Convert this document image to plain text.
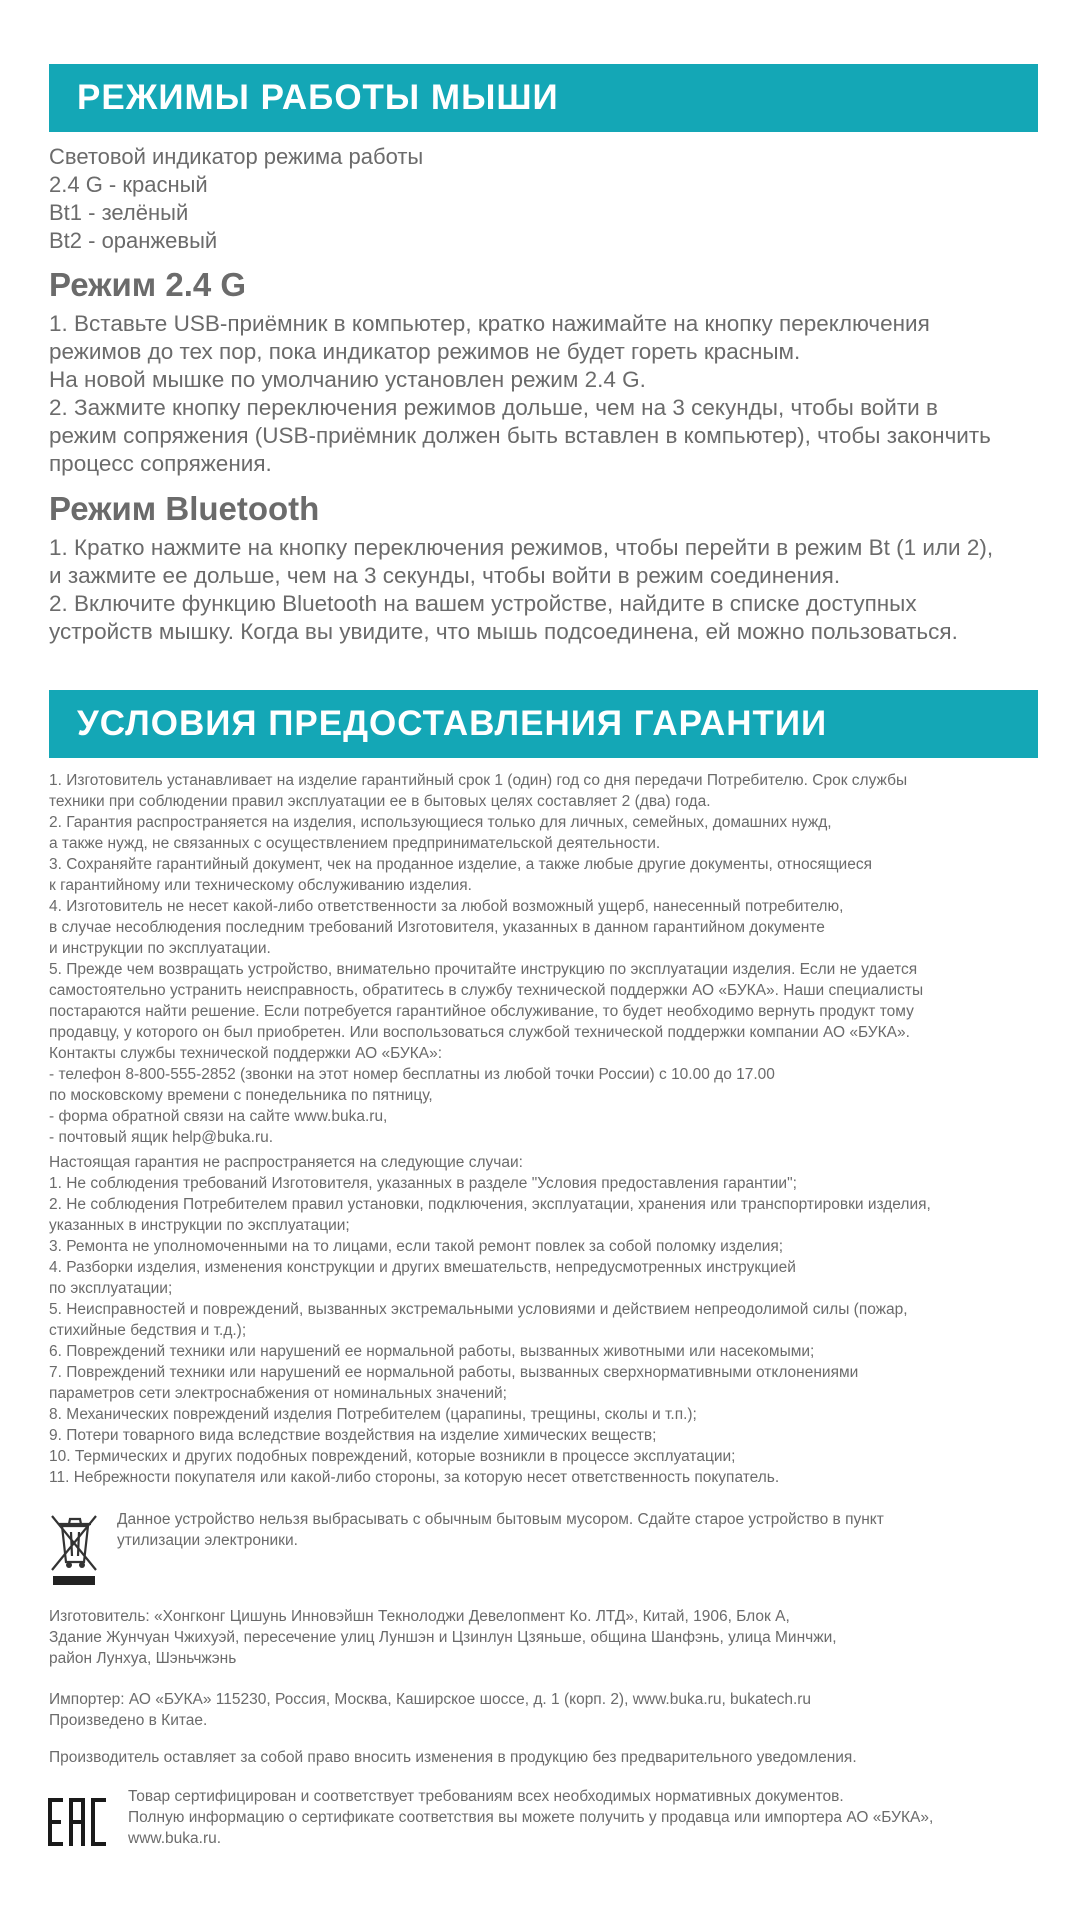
РЕЖИМЫ РАБОТЫ МЫШИ
Световой индикатор режима работы
2.4 G - красный
Bt1 - зелёный
Bt2 - оранжевый
Режим 2.4 G
1. Вставьте USB-приёмник в компьютер, кратко нажимайте на кнопку переключения
режимов до тех пор, пока индикатор режимов не будет гореть красным.
На новой мышке по умолчанию установлен режим 2.4 G.
2. Зажмите кнопку переключения режимов дольше, чем на 3 секунды, чтобы войти в
режим сопряжения (USB-приёмник должен быть вставлен в компьютер), чтобы закончить
процесс сопряжения.
Режим Bluetooth
1. Кратко нажмите на кнопку переключения режимов, чтобы перейти в режим Bt (1 или 2),
и зажмите ее дольше, чем на 3 секунды, чтобы войти в режим соединения.
2. Включите функцию Bluetooth на вашем устройстве, найдите в списке доступных
устройств мышку. Когда вы увидите, что мышь подсоединена, ей можно пользоваться.
УСЛОВИЯ ПРЕДОСТАВЛЕНИЯ ГАРАНТИИ
1. Изготовитель устанавливает на изделие гарантийный срок 1 (один) год со дня передачи Потребителю. Срок службы
техники при соблюдении правил эксплуатации ее в бытовых целях составляет 2 (два) года.
2. Гарантия распространяется на изделия, использующиеся только для личных, семейных, домашних нужд,
а также нужд, не связанных с осуществлением предпринимательской деятельности.
3. Сохраняйте гарантийный документ, чек на проданное изделие, а также любые другие документы, относящиеся
к гарантийному или техническому обслуживанию изделия.
4. Изготовитель не несет какой-либо ответственности за любой возможный ущерб, нанесенный потребителю,
в случае несоблюдения последним требований Изготовителя, указанных в данном гарантийном документе
и инструкции по эксплуатации.
5. Прежде чем возвращать устройство, внимательно прочитайте инструкцию по эксплуатации изделия. Если не удается
самостоятельно устранить неисправность, обратитесь в службу технической поддержки АО «БУКА». Наши специалисты
постараются найти решение. Если потребуется гарантийное обслуживание, то будет необходимо вернуть продукт тому
продавцу, у которого он был приобретен. Или воспользоваться службой технической поддержки компании АО «БУКА».
Контакты службы технической поддержки АО «БУКА»:
- телефон 8-800-555-2852 (звонки на этот номер бесплатны из любой точки России) с 10.00 до 17.00
по московскому времени с понедельника по пятницу,
- форма обратной связи на сайте www.buka.ru,
- почтовый ящик help@buka.ru.
Настоящая гарантия не распространяется на следующие случаи:
1. Не соблюдения требований Изготовителя, указанных в разделе "Условия предоставления гарантии";
2. Не соблюдения Потребителем правил установки, подключения, эксплуатации, хранения или транспортировки изделия,
указанных в инструкции по эксплуатации;
3. Ремонта не уполномоченными на то лицами, если такой ремонт повлек за собой поломку изделия;
4. Разборки изделия, изменения конструкции и других вмешательств, непредусмотренных инструкцией
по эксплуатации;
5. Неисправностей и повреждений, вызванных экстремальными условиями и действием непреодолимой силы (пожар,
стихийные бедствия и т.д.);
6. Повреждений техники или нарушений ее нормальной работы, вызванных животными или насекомыми;
7. Повреждений техники или нарушений ее нормальной работы, вызванных сверхнормативными отклонениями
параметров сети электроснабжения от номинальных значений;
8. Механических повреждений изделия Потребителем (царапины, трещины, сколы и т.п.);
9. Потери товарного вида вследствие воздействия на изделие химических веществ;
10. Термических и других подобных повреждений, которые возникли в процессе эксплуатации;
11. Небрежности покупателя или какой-либо стороны, за которую несет ответственность покупатель.
Данное устройство нельзя выбрасывать с обычным бытовым мусором. Сдайте старое устройство в пункт
утилизации электроники.
Изготовитель: «Хонгконг Цишунь Инновэйшн Текнолоджи Девелопмент Ко. ЛТД», Китай, 1906, Блок А,
Здание Жунчуан Чжихуэй, пересечение улиц Луншэн и Цзинлун Цзяньше, община Шанфэнь, улица Минчжи,
район Лунхуа, Шэньчжэнь
Импортер: АО «БУКА» 115230, Россия, Москва, Каширское шоссе, д. 1 (корп. 2), www.buka.ru, bukatech.ru
Произведено в Китае.
Производитель оставляет за собой право вносить изменения в продукцию без предварительного уведомления.
Товар сертифицирован и соответствует требованиям всех необходимых нормативных документов.
Полную информацию о сертификате соответствия вы можете получить у продавца или импортера АО «БУКА»,
www.buka.ru.
